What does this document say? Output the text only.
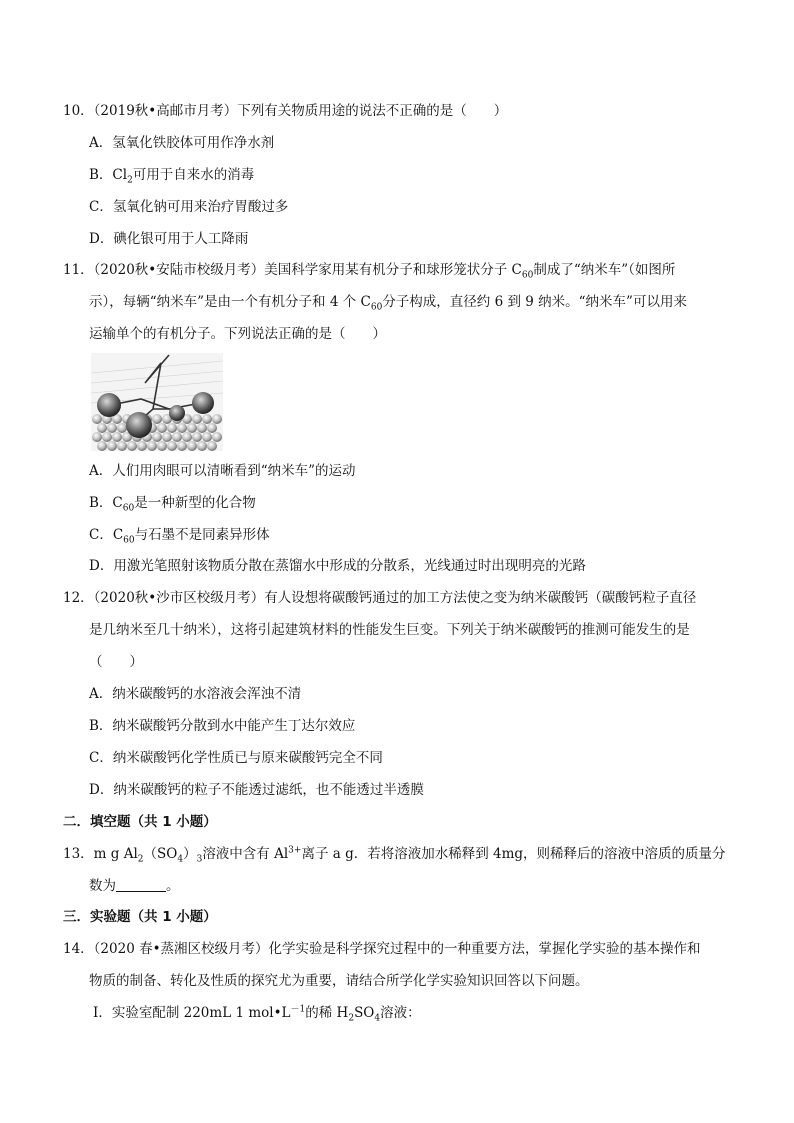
10．（2019秋•高邮市月考）下列有关物质用途的说法不正确的是（　　）
A．氢氧化铁胶体可用作净水剂
B．$Cl_2$可用于自来水的消毒
C．氢氧化钠可用来治疗胃酸过多
D．碘化银可用于人工降雨
11．（2020秋•安陆市校级月考）美国科学家用某有机分子和球形笼状分子 $C_{60}$制成了“纳米车”（如图所
示），每辆“纳米车”是由一个有机分子和 4 个 $C_{60}$分子构成，直径约 6 到 9 纳米。“纳米车”可以用来
运输单个的有机分子。下列说法正确的是（　　）
A．人们用肉眼可以清晰看到“纳米车”的运动
B．$C_{60}$是一种新型的化合物
C．$C_{60}$与石墨不是同素异形体
D．用激光笔照射该物质分散在蒸馏水中形成的分散系，光线通过时出现明亮的光路
12．（2020秋•沙市区校级月考）有人设想将碳酸钙通过的加工方法使之变为纳米碳酸钙（碳酸钙粒子直径
是几纳米至几十纳米），这将引起建筑材料的性能发生巨变。下列关于纳米碳酸钙的推测可能发生的是
（　　）
A．纳米碳酸钙的水溶液会浑浊不清
B．纳米碳酸钙分散到水中能产生丁达尔效应
C．纳米碳酸钙化学性质已与原来碳酸钙完全不同
D．纳米碳酸钙的粒子不能透过滤纸，也不能透过半透膜
二．填空题（共 1 小题）
13．m g $Al_2(SO_4)_3$溶液中含有 $Al^{3+}$离子 a g．若将溶液加水稀释到 4mg，则稀释后的溶液中溶质的质量分
数为	。
三．实验题（共 1 小题）
14．（2020 春•蒸湘区校级月考）化学实验是科学探究过程中的一种重要方法，掌握化学实验的基本操作和
物质的制备、转化及性质的探究尤为重要，请结合所学化学实验知识回答以下问题。
Ⅰ．实验室配制 220mL 1 $mol•L^{-1}$的稀 $H_2SO_4$溶液：
